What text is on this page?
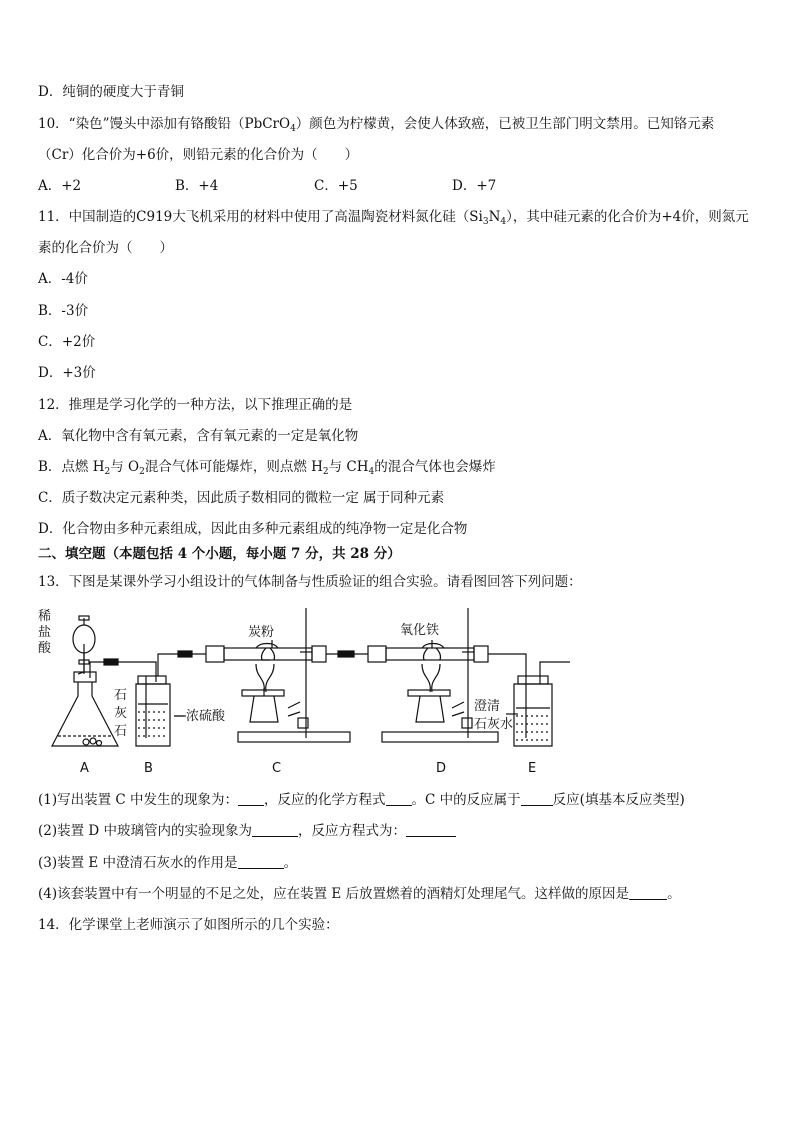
D．纯铜的硬度大于青铜
10．“染色”馒头中添加有铬酸铅（PbCrO$_4$）颜色为柠檬黄，会使人体致癌，已被卫生部门明文禁用。已知铬元素
（Cr）化合价为+6价，则铅元素的化合价为（　　）
A．+2	B．+4	C．+5	D．+7
11．中国制造的C919大飞机采用的材料中使用了高温陶瓷材料氮化硅$(Si_3N_4)$，其中硅元素的化合价为+4价，则氮元
素的化合价为（　　）
A．-4价
B．-3价
C．+2价
D．+3价
12．推理是学习化学的一种方法，以下推理正确的是
A．氧化物中含有氧元素，含有氧元素的一定是氧化物
B．点燃 $H_2$与 $O_2$混合气体可能爆炸，则点燃 $H_2$与 $CH_4$的混合气体也会爆炸
C．质子数决定元素种类，因此质子数相同的微粒一定 属于同种元素
D．化合物由多种元素组成，因此由多种元素组成的纯净物一定是化合物
二、填空题（本题包括 4 个小题，每小题 7 分，共 28 分）
13．下图是某课外学习小组设计的气体制备与性质验证的组合实验。请看图回答下列问题：
稀
盐
酸
石
灰
石
浓硫酸
炭粉	氧化铁
澄清
石灰水
A	B	C	D	E
(1)写出装置 C 中发生的现象为： ，反应的化学方程式 。C 中的反应属于 反应(填基本反应类型)
(2)装置 D 中玻璃管内的实验现象为	，反应方程式为：
(3)装置 E 中澄清石灰水的作用是	。
(4)该套装置中有一个明显的不足之处，应在装置 E 后放置燃着的酒精灯处理尾气。这样做的原因是	。
14．化学课堂上老师演示了如图所示的几个实验：
